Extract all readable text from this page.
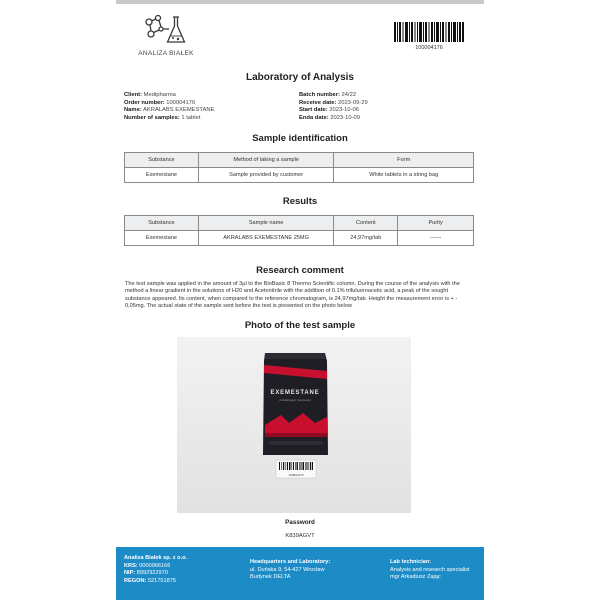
ANALIZA BIAŁEK
100004176
Laboratory of Analysis
Client: Medipharma
Order number: 100004176
Name: AKRALABS EXEMESTANE
Number of samples: 1 tablet
Batch number: 24/22
Receive date: 2023-09-29
Start date: 2023-10-06
Enda date: 2023-10-09
Sample identification
Substance	Method of taking a sample	Form
Exemestane	Sample provided by customer	White tablets in a string bag
Results
Substance	Sample name	Content	Purity
Exemestane	AKRALABS EXEMESTANE 25MG	24,97mg/tab	------
Research comment

The test sample was applied in the amount of 3µl to the BioBasic 8 Thermo Scientific column. During the course of the analysis with the method a linear gradient in the solutions of H20 and Acetonitrile with the addition of 0.1% trifuluoroacetic acid, a peak of the sought substance appeared. Its content, when compared to the reference chromatogram, is 24,97mg/tab. Height the measurement error is + - 0,05mg. The actual state of the sample sent before the test is presented on the photo below

Photo of the test sample
EXEMESTANE
Anti-Estrogen Compound
100004176
Password
K839AGVT
Analiza Białek sp. z o.o.
KRS: 0000966166
NIP: 8992922970
REGON: 521751875
Headquarters and Laboratory:
ul. Duńska 9, 54-427 Wrocław
Budynek DELTA
Lab technician:
Analysis and research specialist
mgr Arkadiusz Zając
